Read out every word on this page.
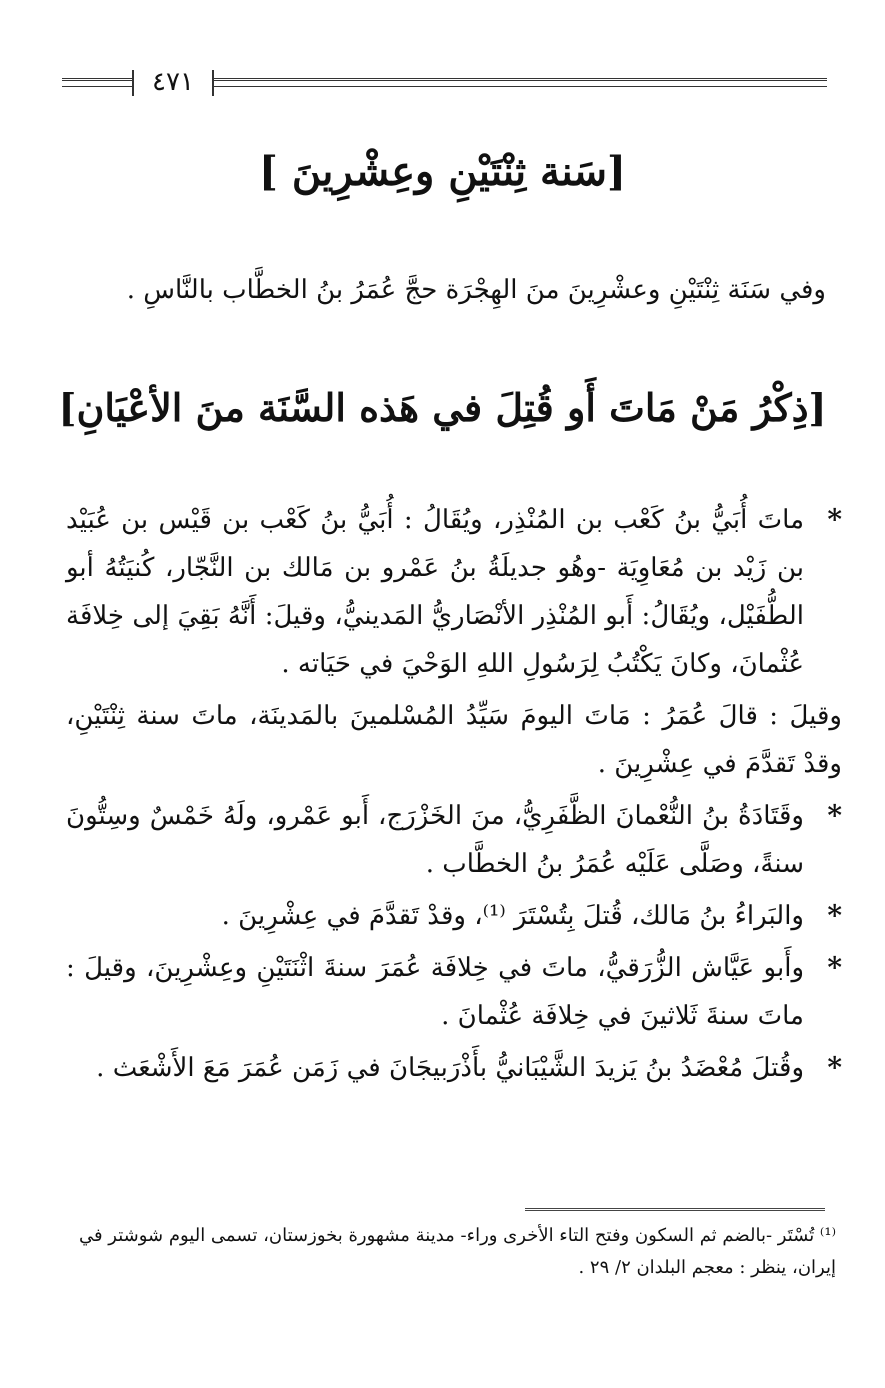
٤٧١
[سَنة ثِنْتَيْنِ وعِشْرِينَ ]
وفي سَنَة ثِنْتَيْنِ وعشْرِينَ منَ الهِجْرَة حجَّ عُمَرُ بنُ الخطَّاب بالنَّاسِ .
[ذِكْرُ مَنْ مَاتَ أَو قُتِلَ في هَذه السَّنَة منَ الأعْيَانِ]
*
ماتَ أُبَيُّ بنُ كَعْب بن المُنْذِر، ويُقَالُ : أُبَيُّ بنُ كَعْب بن قَيْس بن عُبَيْد بن زَيْد بن مُعَاوِيَة -وهُو جديلَةُ بنُ عَمْرو بن مَالك بن النَّجّار، كُنيَتُهُ أبو الطُّفَيْل، ويُقَالُ: أَبو المُنْذِر الأنْصَاريُّ المَدينيُّ، وقيلَ: أَنَّهُ بَقِيَ إلى خِلافَة عُثْمانَ، وكانَ يَكْتُبُ لِرَسُولِ اللهِ الوَحْيَ في حَيَاته .
وقيلَ : قالَ عُمَرُ : مَاتَ اليومَ سَيِّدُ المُسْلمينَ بالمَدينَة، ماتَ سنة ثِنْتَيْنِ، وقدْ تَقدَّمَ في عِشْرِينَ .
*
وقَتَادَةُ بنُ النُّعْمانَ الظَّفَرِيُّ، منَ الخَزْرَج، أَبو عَمْرو، ولَهُ خَمْسٌ وسِتُّونَ سنةً، وصَلَّى عَلَيْه عُمَرُ بنُ الخطَّاب .
*
والبَراءُ بنُ مَالك، قُتلَ بِتُسْتَرَ ⁽¹⁾، وقدْ تَقدَّمَ في عِشْرِينَ .
*
وأَبو عَيَّاش الزُّرَقيُّ، ماتَ في خِلافَة عُمَرَ سنةَ اثْنَتَيْنِ وعِشْرِينَ، وقيلَ : ماتَ سنةَ ثَلاثينَ في خِلافَة عُثْمانَ .
*
وقُتلَ مُعْضَدُ بنُ يَزيدَ الشَّيْبَانيُّ بأَذْرَبيجَانَ في زَمَن عُمَرَ مَعَ الأَشْعَث .
⁽¹⁾ تُسْتَر -بالضم ثم السكون وفتح التاء الأخرى وراء- مدينة مشهورة بخوزستان، تسمى اليوم شوشتر في إيران، ينظر : معجم البلدان ٢/ ٢٩ .
